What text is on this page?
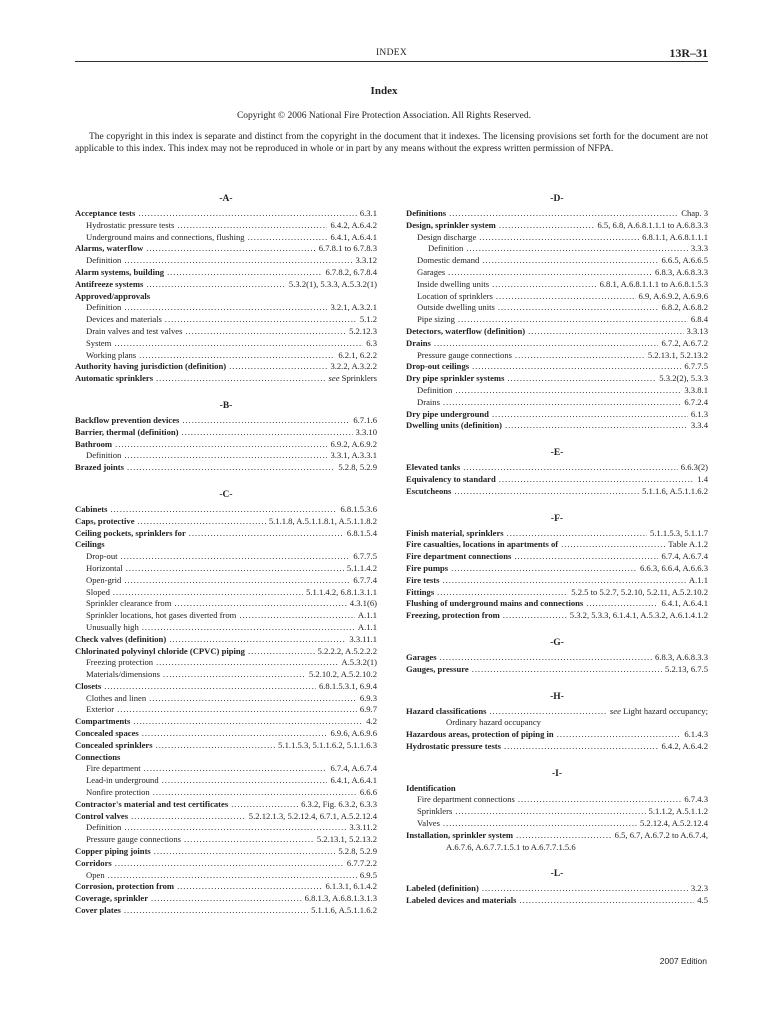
INDEX	13R–31
Index
Copyright © 2006 National Fire Protection Association. All Rights Reserved.
The copyright in this index is separate and distinct from the copyright in the document that it indexes. The licensing provisions set forth for the document are not applicable to this index. This index may not be reproduced in whole or in part by any means without the express written permission of NFPA.
-A-
Acceptance tests . . .	6.3.1
Hydrostatic pressure tests . . .	6.4.2, A.6.4.2
Underground mains and connections, flushing . . .	6.4.1, A.6.4.1
Alarms, waterflow . . .	6.7.8.1 to 6.7.8.3
Definition . . .	3.3.12
Alarm systems, building . . .	6.7.8.2, 6.7.8.4
Antifreeze systems . . .	5.3.2(1), 5.3.3, A.5.3.2(1)
Approved/approvals
Definition . . .	3.2.1, A.3.2.1
Devices and materials . . .	5.1.2
Drain valves and test valves . . .	5.2.12.3
System . . .	6.3
Working plans . . .	6.2.1, 6.2.2
Authority having jurisdiction (definition) . . .	3.2.2, A.3.2.2
Automatic sprinklers . . .	see Sprinklers
-B-
Backflow prevention devices . . .	6.7.1.6
Barrier, thermal (definition) . . .	3.3.10
Bathroom . . .	6.9.2, A.6.9.2
Definition . . .	3.3.1, A.3.3.1
Brazed joints . . .	5.2.8, 5.2.9
-C-
Cabinets . . .	6.8.1.5.3.6
Caps, protective . . .	5.1.1.8, A.5.1.1.8.1, A.5.1.1.8.2
Ceiling pockets, sprinklers for . . .	6.8.1.5.4
Ceilings
Drop-out . . .	6.7.7.5
Horizontal . . .	5.1.1.4.2
Open-grid . . .	6.7.7.4
Sloped . . .	5.1.1.4.2, 6.8.1.3.1.1
Sprinkler clearance from . . .	4.3.1(6)
Sprinkler locations, hot gases diverted from . . .	A.1.1
Unusually high . . .	A.1.1
Check valves (definition) . . .	3.3.11.1
Chlorinated polyvinyl chloride (CPVC) piping . . .	5.2.2.2, A.5.2.2.2
Freezing protection . . .	A.5.3.2(1)
Materials/dimensions . . .	5.2.10.2, A.5.2.10.2
Closets . . .	6.8.1.5.3.1, 6.9.4
Clothes and linen . . .	6.9.3
Exterior . . .	6.9.7
Compartments . . .	4.2
Concealed spaces . . .	6.9.6, A.6.9.6
Concealed sprinklers . . .	5.1.1.5.3, 5.1.1.6.2, 5.1.1.6.3
Connections
Fire department . . .	6.7.4, A.6.7.4
Lead-in underground . . .	6.4.1, A.6.4.1
Nonfire protection . . .	6.6.6
Contractor's material and test certificates . . .	6.3.2, Fig. 6.3.2, 6.3.3
Control valves . . .	5.2.12.1.3, 5.2.12.4, 6.7.1, A.5.2.12.4
Definition . . .	3.3.11.2
Pressure gauge connections . . .	5.2.13.1, 5.2.13.2
Copper piping joints . . .	5.2.8, 5.2.9
Corridors . . .	6.7.7.2.2
Open . . .	6.9.5
Corrosion, protection from . . .	6.1.3.1, 6.1.4.2
Coverage, sprinkler . . .	6.8.1.3, A.6.8.1.3.1.3
Cover plates . . .	5.1.1.6, A.5.1.1.6.2
-D-
Definitions . . .	Chap. 3
Design, sprinkler system . . .	6.5, 6.8, A.6.8.1.1.1 to A.6.8.3.3
Design discharge . . .	6.8.1.1, A.6.8.1.1.1
Definition . . .	3.3.3
Domestic demand . . .	6.6.5, A.6.6.5
Garages . . .	6.8.3, A.6.8.3.3
Inside dwelling units . . .	6.8.1, A.6.8.1.1.1 to A.6.8.1.5.3
Location of sprinklers . . .	6.9, A.6.9.2, A.6.9.6
Outside dwelling units . . .	6.8.2, A.6.8.2
Pipe sizing . . .	6.8.4
Detectors, waterflow (definition) . . .	3.3.13
Drains . . .	6.7.2, A.6.7.2
Pressure gauge connections . . .	5.2.13.1, 5.2.13.2
Drop-out ceilings . . .	6.7.7.5
Dry pipe sprinkler systems . . .	5.3.2(2), 5.3.3
Definition . . .	3.3.8.1
Drains . . .	6.7.2.4
Dry pipe underground . . .	6.1.3
Dwelling units (definition) . . .	3.3.4
-E-
Elevated tanks . . .	6.6.3(2)
Equivalency to standard . . .	1.4
Escutcheons . . .	5.1.1.6, A.5.1.1.6.2
-F-
Finish material, sprinklers . . .	5.1.1.5.3, 5.1.1.7
Fire casualties, locations in apartments of . . .	Table A.1.2
Fire department connections . . .	6.7.4, A.6.7.4
Fire pumps . . .	6.6.3, 6.6.4, A.6.6.3
Fire tests . . .	A.1.1
Fittings . . .	5.2.5 to 5.2.7, 5.2.10, 5.2.11, A.5.2.10.2
Flushing of underground mains and connections . . .	6.4.1, A.6.4.1
Freezing, protection from . . .	5.3.2, 5.3.3, 6.1.4.1, A.5.3.2, A.6.1.4.1.2
-G-
Garages . . .	6.8.3, A.6.8.3.3
Gauges, pressure . . .	5.2.13, 6.7.5
-H-
Hazard classifications . . .	see Light hazard occupancy;
Ordinary hazard occupancy
Hazardous areas, protection of piping in . . .	6.1.4.3
Hydrostatic pressure tests . . .	6.4.2, A.6.4.2
-I-
Identification
Fire department connections . . .	6.7.4.3
Sprinklers . . .	5.1.1.2, A.5.1.1.2
Valves . . .	5.2.12.4, A.5.2.12.4
Installation, sprinkler system . . .	6.5, 6.7, A.6.7.2 to A.6.7.4,
A.6.7.6, A.6.7.7.1.5.1 to A.6.7.7.1.5.6
-L-
Labeled (definition) . . .	3.2.3
Labeled devices and materials . . .	4.5
2007 Edition
